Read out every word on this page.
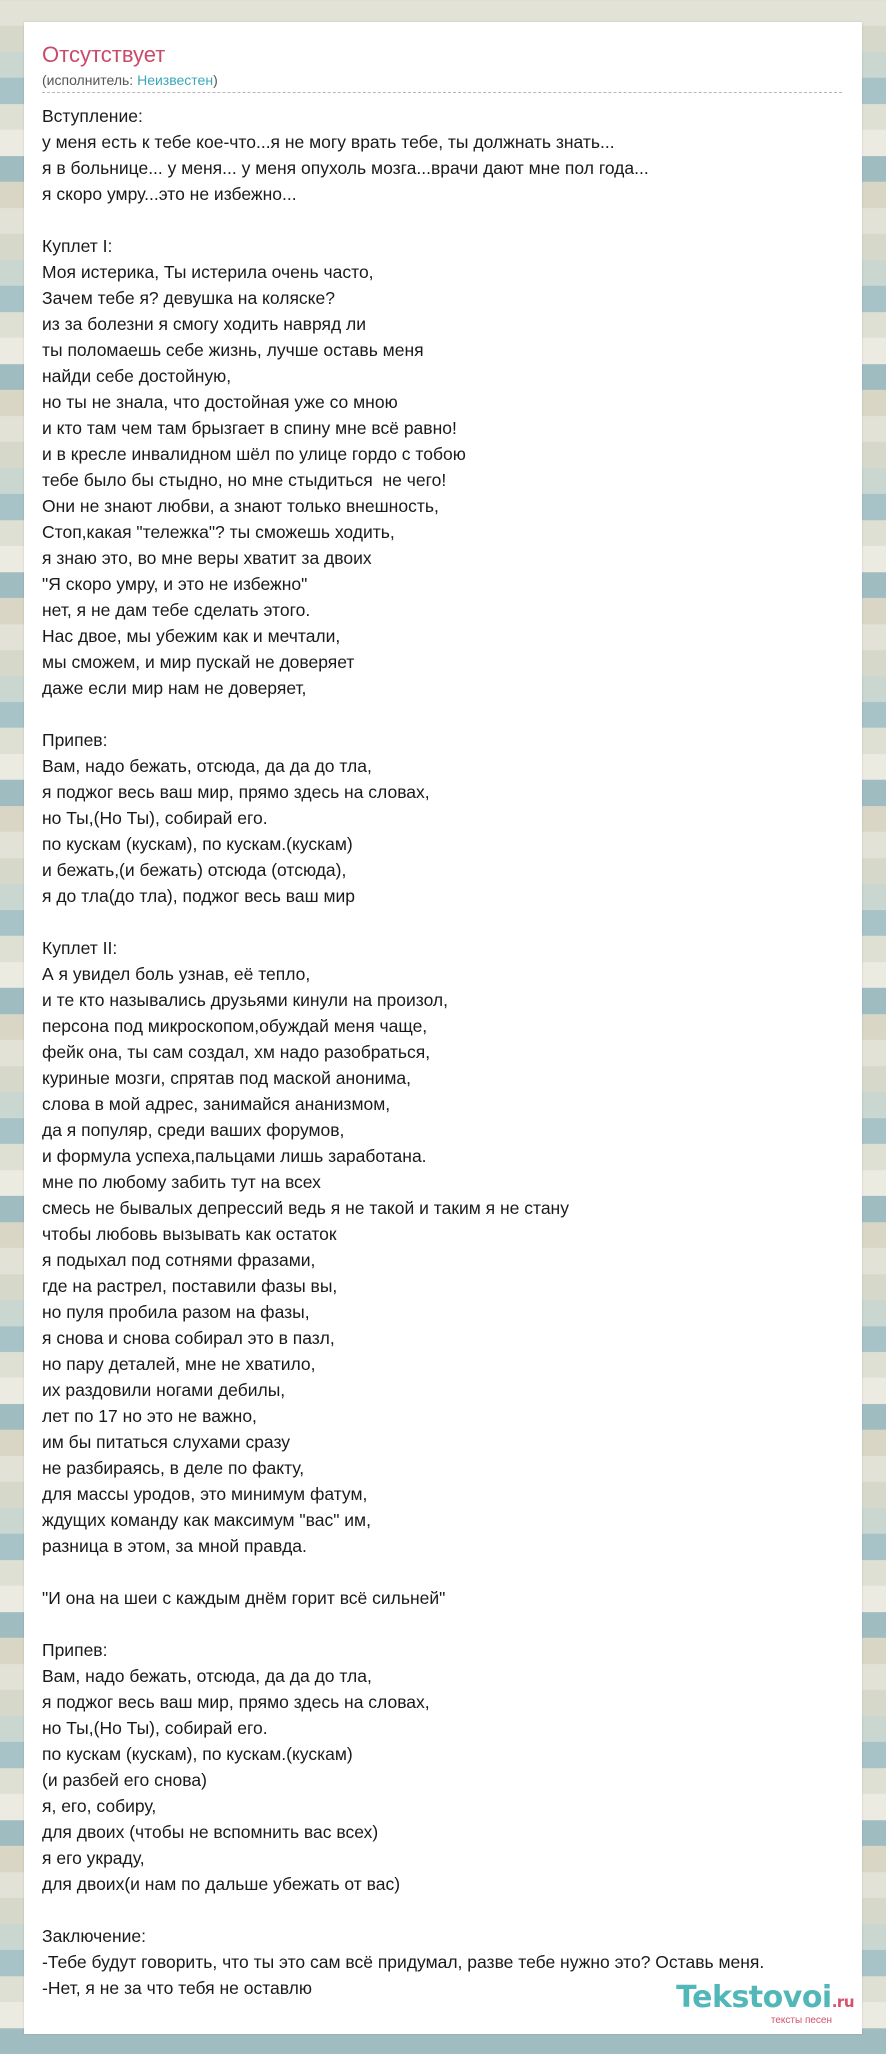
Отсутствует
(исполнитель: Неизвестен)
Вступление:
у меня есть к тебе кое-что...я не могу врать тебе, ты должнать знать...
я в больнице... у меня... у меня опухоль мозга...врачи дают мне пол года...
я скоро умру...это не избежно...
Куплет I:
Моя истерика, Ты истерила очень часто,
Зачем тебе я? девушка на коляске?
из за болезни я смогу ходить навряд ли
ты поломаешь себе жизнь, лучше оставь меня
найди себе достойную,
но ты не знала, что достойная уже со мною
и кто там чем там брызгает в спину мне всё равно!
и в кресле инвалидном шёл по улице гордо с тобою
тебе было бы стыдно, но мне стыдиться  не чего!
Они не знают любви, а знают только внешность,
Стоп,какая "тележка"? ты сможешь ходить,
я знаю это, во мне веры хватит за двоих
"Я скоро умру, и это не избежно"
нет, я не дам тебе сделать этого.
Нас двое, мы убежим как и мечтали,
мы сможем, и мир пускай не доверяет
даже если мир нам не доверяет,
Припев:
Вам, надо бежать, отсюда, да да до тла,
я поджог весь ваш мир, прямо здесь на словах,
но Ты,(Но Ты), собирай его.
по кускам (кускам), по кускам.(кускам)
и бежать,(и бежать) отсюда (отсюда),
я до тла(до тла), поджог весь ваш мир
Куплет II:
А я увидел боль узнав, её тепло,
и те кто назывались друзьями кинули на произол,
персона под микроскопом,обуждай меня чаще,
фейк она, ты сам создал, хм надо разобраться,
куриные мозги, спрятав под маской анонима,
слова в мой адрес, занимайся ананизмом,
да я популяр, среди ваших форумов,
и формула успеха,пальцами лишь заработана.
мне по любому забить тут на всех
смесь не бывалых депрессий ведь я не такой и таким я не стану
чтобы любовь вызывать как остаток
я подыхал под сотнями фразами,
где на растрел, поставили фазы вы,
но пуля пробила разом на фазы,
я снова и снова собирал это в пазл,
но пару деталей, мне не хватило,
их раздовили ногами дебилы,
лет по 17 но это не важно,
им бы питаться слухами сразу
не разбираясь, в деле по факту,
для массы уродов, это минимум фатум,
ждущих команду как максимум "вас" им,
разница в этом, за мной правда.
"И она на шеи с каждым днём горит всё сильней"
Припев:
Вам, надо бежать, отсюда, да да до тла,
я поджог весь ваш мир, прямо здесь на словах,
но Ты,(Но Ты), собирай его.
по кускам (кускам), по кускам.(кускам)
(и разбей его снова)
я, его, собиру,
для двоих (чтобы не вспомнить вас всех)
я его украду,
для двоих(и нам по дальше убежать от вас)
Заключение:
-Тебе будут говорить, что ты это сам всё придумал, разве тебе нужно это? Оставь меня.
-Нет, я не за что тебя не оставлю	Tekstovoi.ru
тексты песен
